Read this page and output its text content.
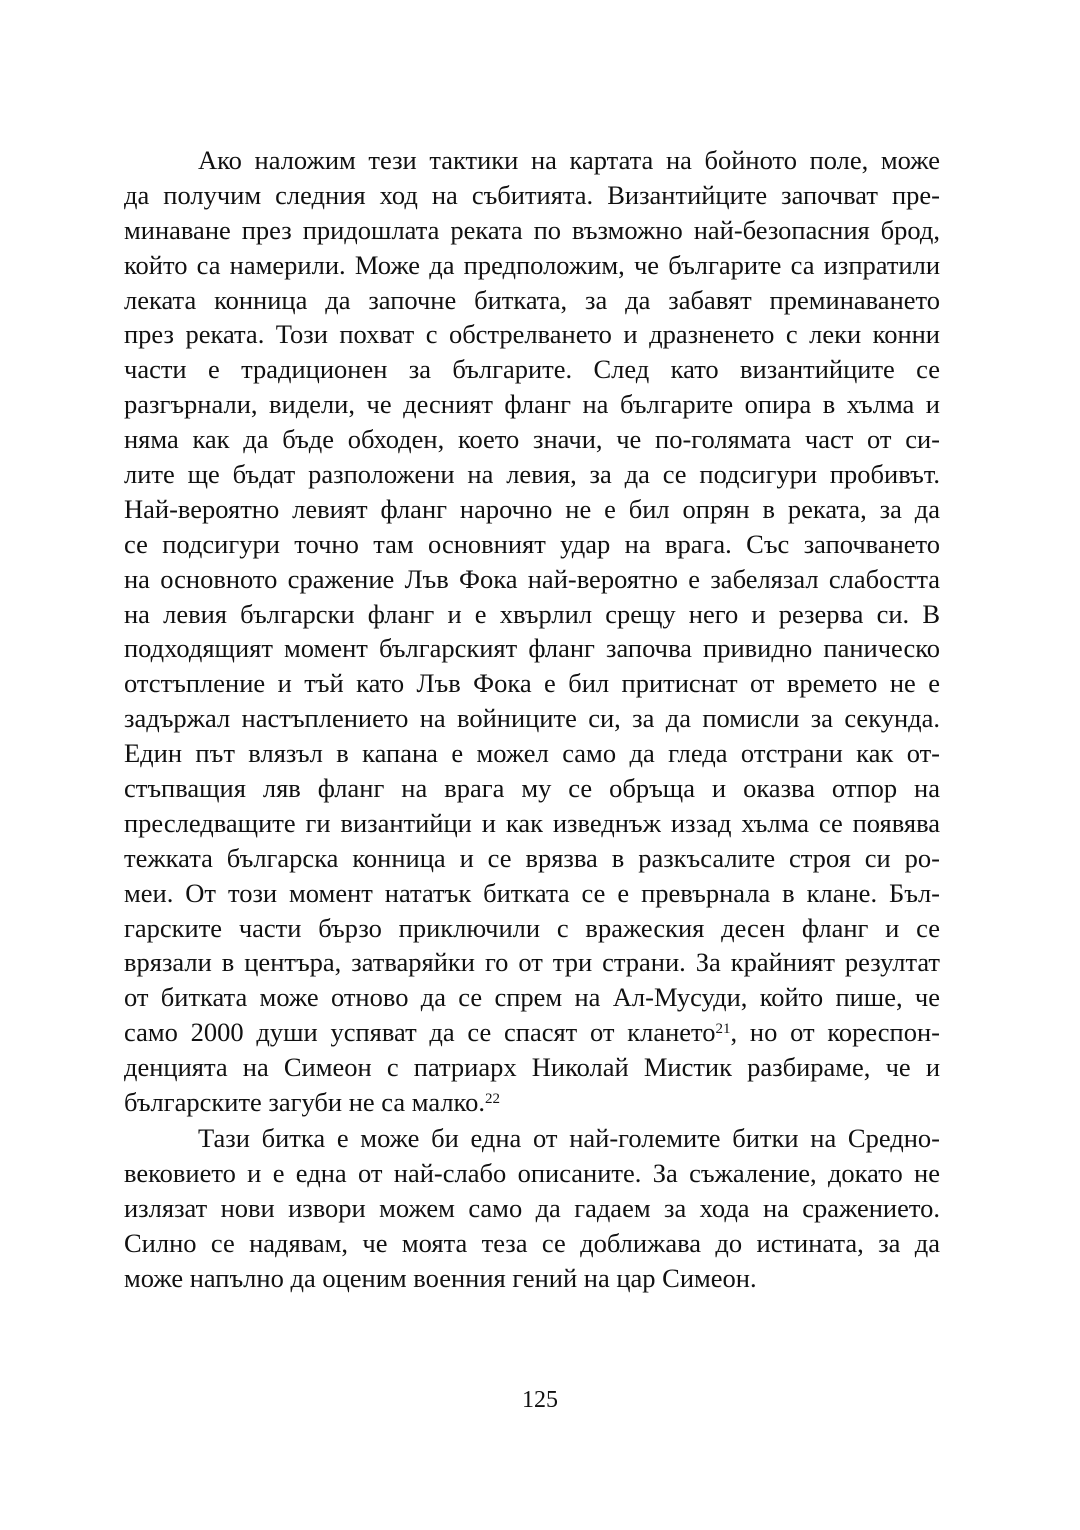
Ако наложим тези тактики на картата на бойното поле, може
да получим следния ход на събитията. Византийците започват пре-
минаване през придошлата реката по възможно най-безопасния брод,
който са намерили. Може да предположим, че българите са изпратили
леката конница да започне битката, за да забавят преминаването
през реката. Този похват с обстрелването и дразненето с леки конни
части е традиционен за българите. След като византийците се
разгърнали, видели, че десният фланг на българите опира в хълма и
няма как да бъде обходен, което значи, че по-голямата част от си-
лите ще бъдат разположени на левия, за да се подсигури пробивът.
Най-вероятно левият фланг нарочно не е бил опрян в реката, за да
се подсигури точно там основният удар на врага. Със започването
на основното сражение Лъв Фока най-вероятно е забелязал слабостта
на левия български фланг и е хвърлил срещу него и резерва си. В
подходящият момент българският фланг започва привидно паническо
отстъпление и тъй като Лъв Фока е бил притиснат от времето не е
задържал настъплението на войниците си, за да помисли за секунда.
Един път влязъл в капана е можел само да гледа отстрани как от-
стъпващия ляв фланг на врага му се обръща и оказва отпор на
преследващите ги византийци и как изведнъж иззад хълма се появява
тежката българска конница и се врязва в разкъсалите строя си ро-
меи. От този момент нататък битката се е превърнала в клане. Бъл-
гарските части бързо приключили с вражеския десен фланг и се
врязали в центъра, затваряйки го от три страни. За крайният резултат
от битката може отново да се спрем на Ал-Мусуди, който пише, че
само 2000 души успяват да се спасят от клането$^{21}$, но от кореспон-
денцията на Симеон с патриарх Николай Мистик разбираме, че и
българските загуби не са малко.$^{22}$
Тази битка е може би една от най-големите битки на Средно-
вековието и е една от най-слабо описаните. За съжаление, докато не
излязат нови извори можем само да гадаем за хода на сражението.
Силно се надявам, че моята теза се доближава до истината, за да
може напълно да оценим военния гений на цар Симеон.
125
